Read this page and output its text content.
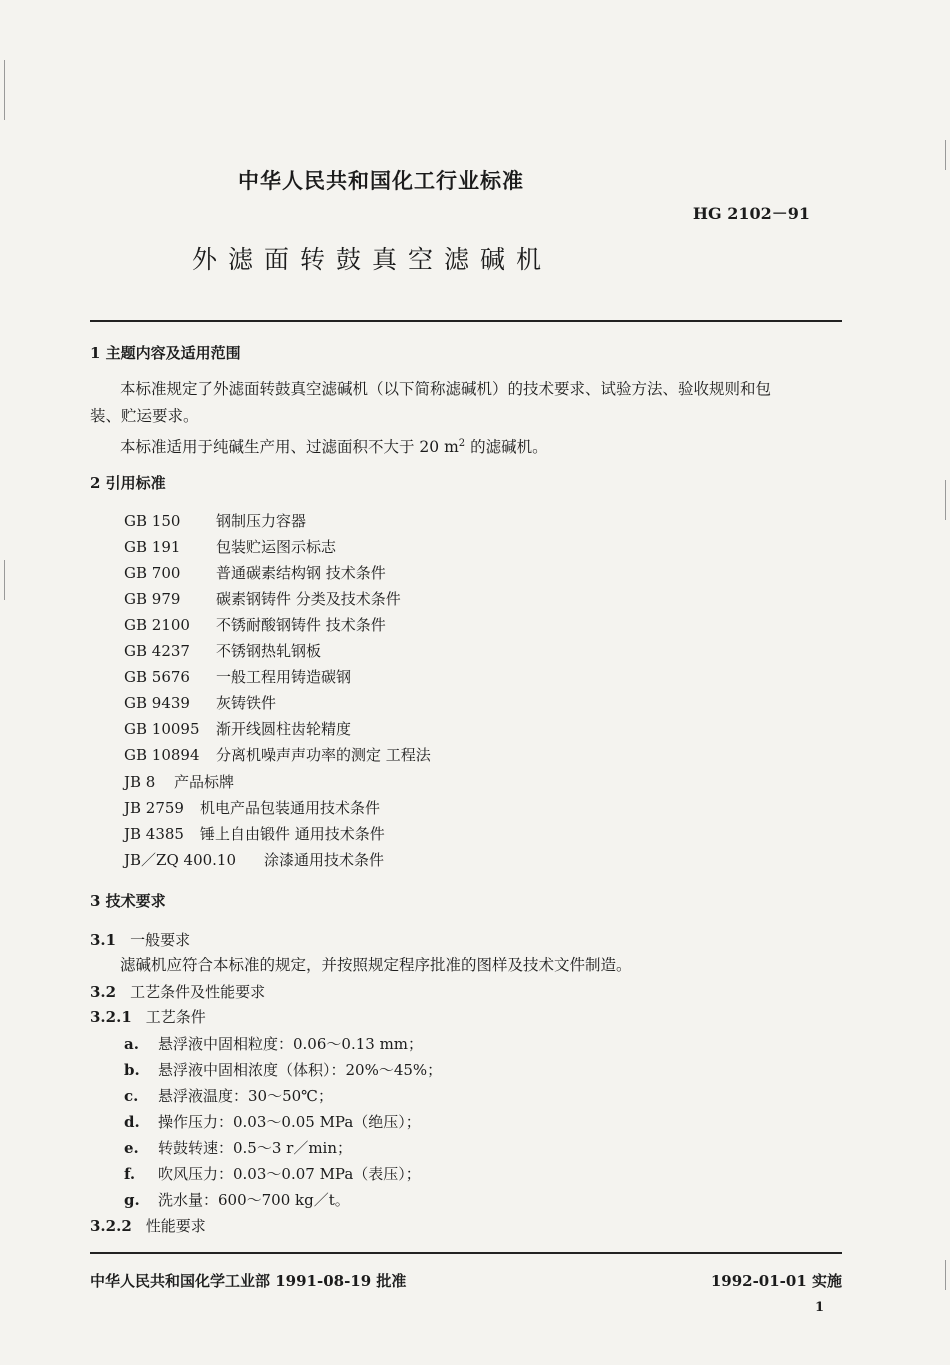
中华人民共和国化工行业标准
HG 2102－91
外滤面转鼓真空滤碱机
1 主题内容及适用范围
本标准规定了外滤面转鼓真空滤碱机（以下简称滤碱机）的技术要求、试验方法、验收规则和包
装、贮运要求。
本标准适用于纯碱生产用、过滤面积不大于 20 $m^2$ 的滤碱机。
2 引用标准
GB 150 钢制压力容器
GB 191 包装贮运图示标志
GB 700 普通碳素结构钢 技术条件
GB 979 碳素钢铸件 分类及技术条件
GB 2100 不锈耐酸钢铸件 技术条件
GB 4237 不锈钢热轧钢板
GB 5676 一般工程用铸造碳钢
GB 9439 灰铸铁件
GB 10095 渐开线圆柱齿轮精度
GB 10894 分离机噪声声功率的测定 工程法
JB 8 产品标牌
JB 2759 机电产品包装通用技术条件
JB 4385 锤上自由锻件 通用技术条件
JB／ZQ 400.10 涂漆通用技术条件
3 技术要求
3.1 一般要求
滤碱机应符合本标准的规定，并按照规定程序批准的图样及技术文件制造。
3.2 工艺条件及性能要求
3.2.1 工艺条件
a. 悬浮液中固相粒度：0.06～0.13 mm；
b. 悬浮液中固相浓度（体积）：20%～45%；
c. 悬浮液温度：30～50℃；
d. 操作压力：0.03～0.05 MPa（绝压）；
e. 转鼓转速：0.5～3 r／min；
f. 吹风压力：0.03～0.07 MPa（表压）；
g. 洗水量：600～700 kg／t。
3.2.2 性能要求
中华人民共和国化学工业部 1991-08-19 批准	1992-01-01 实施
1
